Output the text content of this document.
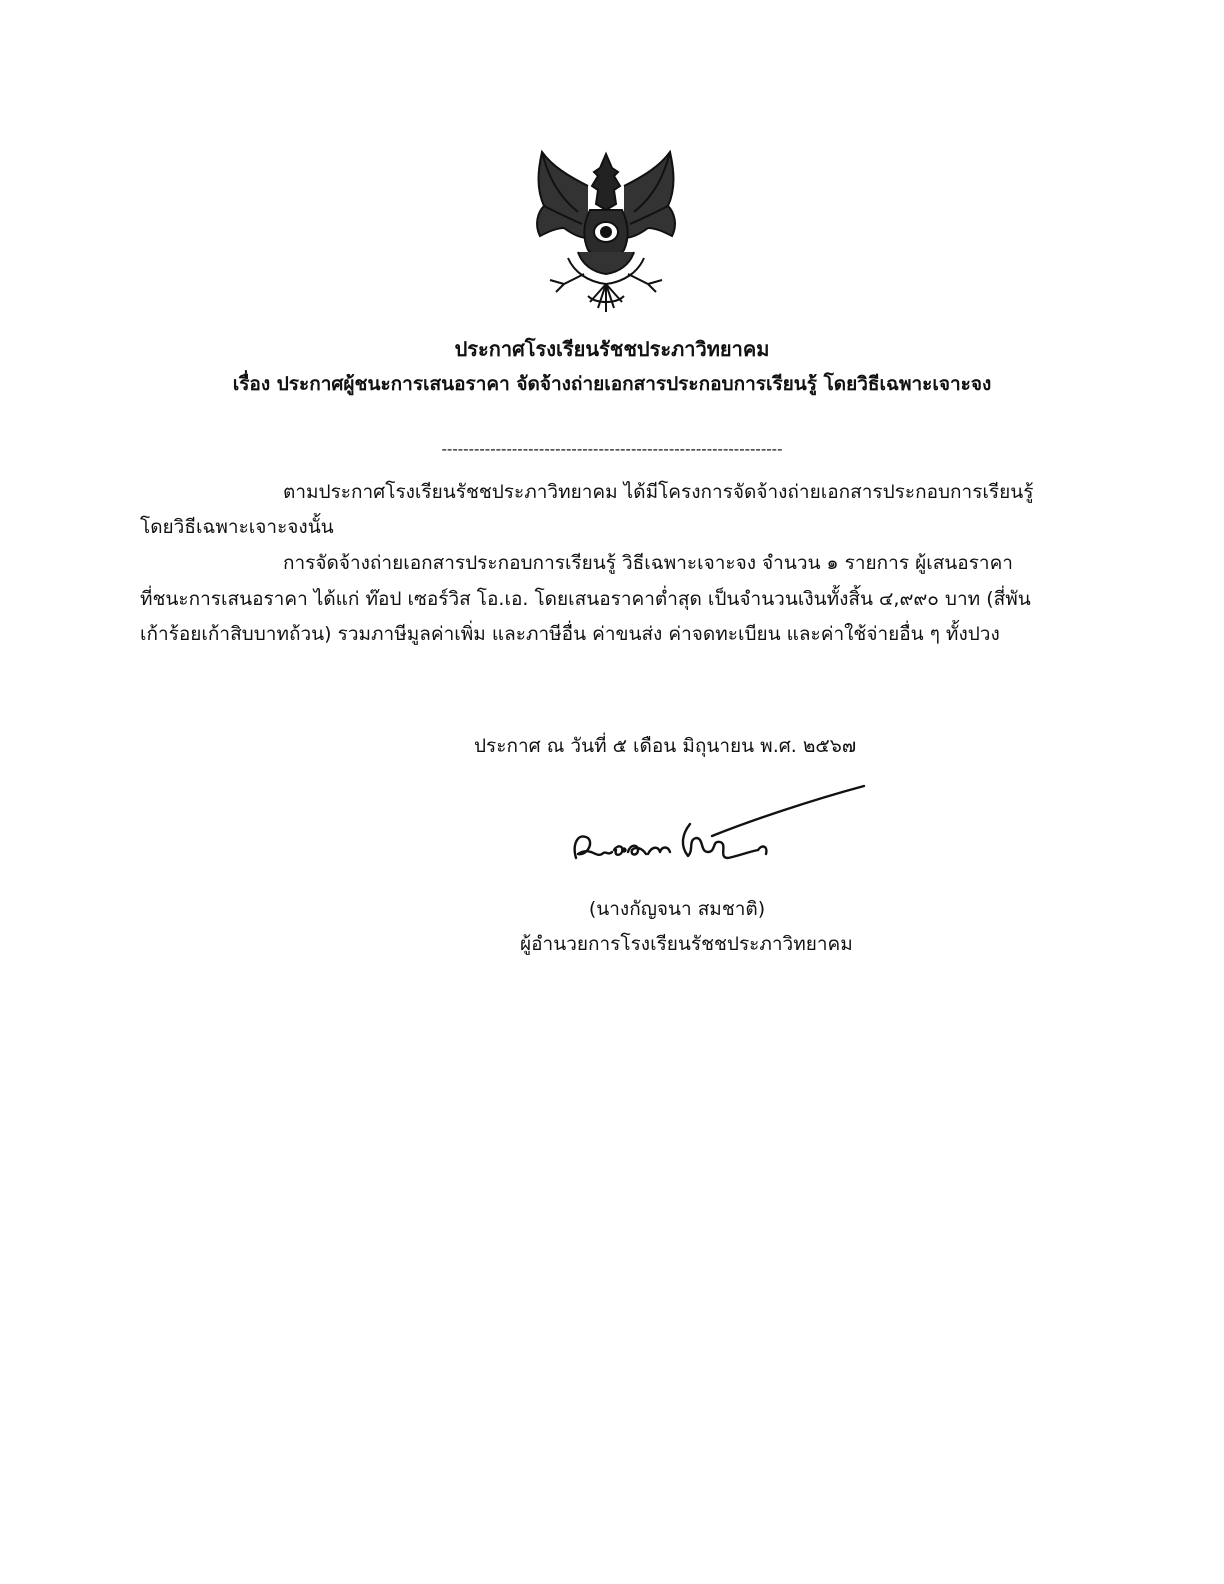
ประกาศโรงเรียนรัชชประภาวิทยาคม
เรื่อง ประกาศผู้ชนะการเสนอราคา จัดจ้างถ่ายเอกสารประกอบการเรียนรู้ โดยวิธีเฉพาะเจาะจง
---------------------------------------------------------------
ตามประกาศโรงเรียนรัชชประภาวิทยาคม ได้มีโครงการจัดจ้างถ่ายเอกสารประกอบการเรียนรู้
โดยวิธีเฉพาะเจาะจงนั้น
การจัดจ้างถ่ายเอกสารประกอบการเรียนรู้ วิธีเฉพาะเจาะจง จำนวน ๑ รายการ ผู้เสนอราคา
ที่ชนะการเสนอราคา ได้แก่ ท๊อป เซอร์วิส โอ.เอ. โดยเสนอราคาต่ำสุด เป็นจำนวนเงินทั้งสิ้น ๔,๙๙๐ บาท (สี่พัน
เก้าร้อยเก้าสิบบาทถ้วน) รวมภาษีมูลค่าเพิ่ม และภาษีอื่น ค่าขนส่ง ค่าจดทะเบียน และค่าใช้จ่ายอื่น ๆ ทั้งปวง
ประกาศ ณ วันที่ ๕ เดือน มิถุนายน พ.ศ. ๒๕๖๗
(นางกัญจนา สมชาติ)
ผู้อำนวยการโรงเรียนรัชชประภาวิทยาคม
